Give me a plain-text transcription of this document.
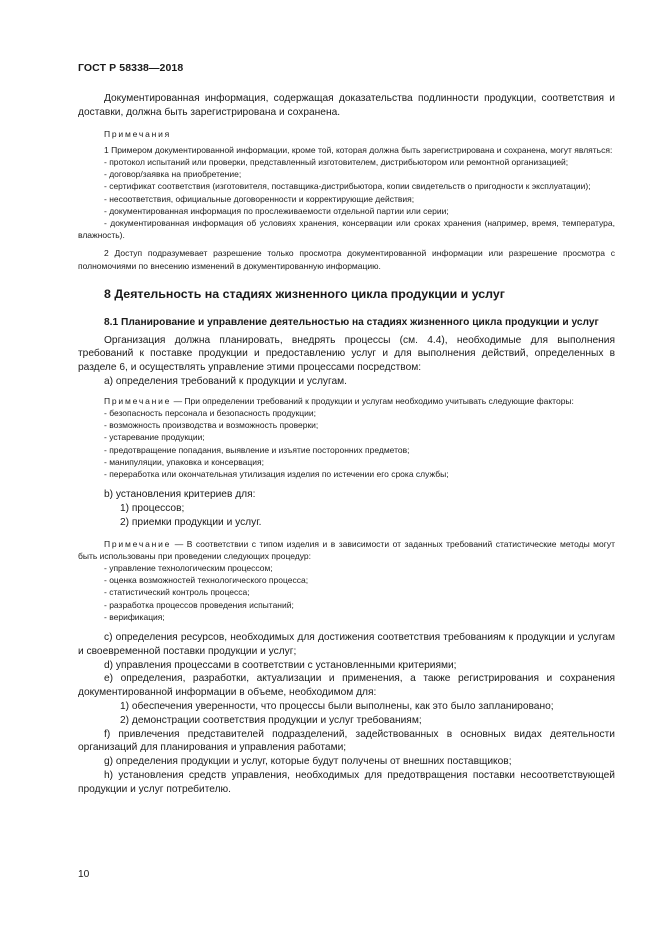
ГОСТ Р 58338—2018

Документированная информация, содержащая доказательства подлинности продукции, соответствия и доставки, должна быть зарегистрирована и сохранена.

Примечания

1 Примером документированной информации, кроме той, которая должна быть зарегистрирована и сохранена, могут являться:

- протокол испытаний или проверки, представленный изготовителем, дистрибьютором или ремонтной организацией;

- договор/заявка на приобретение;

- сертификат соответствия (изготовителя, поставщика-дистрибьютора, копии свидетельств о пригодности к эксплуатации);

- несоответствия, официальные договоренности и корректирующие действия;

- документированная информация по прослеживаемости отдельной партии или серии;

- документированная информация об условиях хранения, консервации или сроках хранения (например, время, температура, влажность).

2 Доступ подразумевает разрешение только просмотра документированной информации или разрешение просмотра с полномочиями по внесению изменений в документированную информацию.

8 Деятельность на стадиях жизненного цикла продукции и услуг
8.1 Планирование и управление деятельностью на стадиях жизненного цикла продукции и услуг

Организация должна планировать, внедрять процессы (см. 4.4), необходимые для выполнения требований к поставке продукции и предоставлению услуг и для выполнения действий, определенных в разделе 6, и осуществлять управление этими процессами посредством:

а) определения требований к продукции и услугам.

Примечание — При определении требований к продукции и услугам необходимо учитывать следующие факторы:

- безопасность персонала и безопасность продукции;

- возможность производства и возможность проверки;

- устаревание продукции;

- предотвращение попадания, выявление и изъятие посторонних предметов;

- манипуляции, упаковка и консервация;

- переработка или окончательная утилизация изделия по истечении его срока службы;

b) установления критериев для:

1) процессов;

2) приемки продукции и услуг.

Примечание — В соответствии с типом изделия и в зависимости от заданных требований статистические методы могут быть использованы при проведении следующих процедур:

- управление технологическим процессом;

- оценка возможностей технологического процесса;

- статистический контроль процесса;

- разработка процессов проведения испытаний;

- верификация;

c) определения ресурсов, необходимых для достижения соответствия требованиям к продукции и услугам и своевременной поставки продукции и услуг;

d) управления процессами в соответствии с установленными критериями;

e) определения, разработки, актуализации и применения, а также регистрирования и сохранения документированной информации в объеме, необходимом для:

1) обеспечения уверенности, что процессы были выполнены, как это было запланировано;

2) демонстрации соответствия продукции и услуг требованиям;

f) привлечения представителей подразделений, задействованных в основных видах деятельности организаций для планирования и управления работами;

g) определения продукции и услуг, которые будут получены от внешних поставщиков;

h) установления средств управления, необходимых для предотвращения поставки несоответствующей продукции и услуг потребителю.

10
